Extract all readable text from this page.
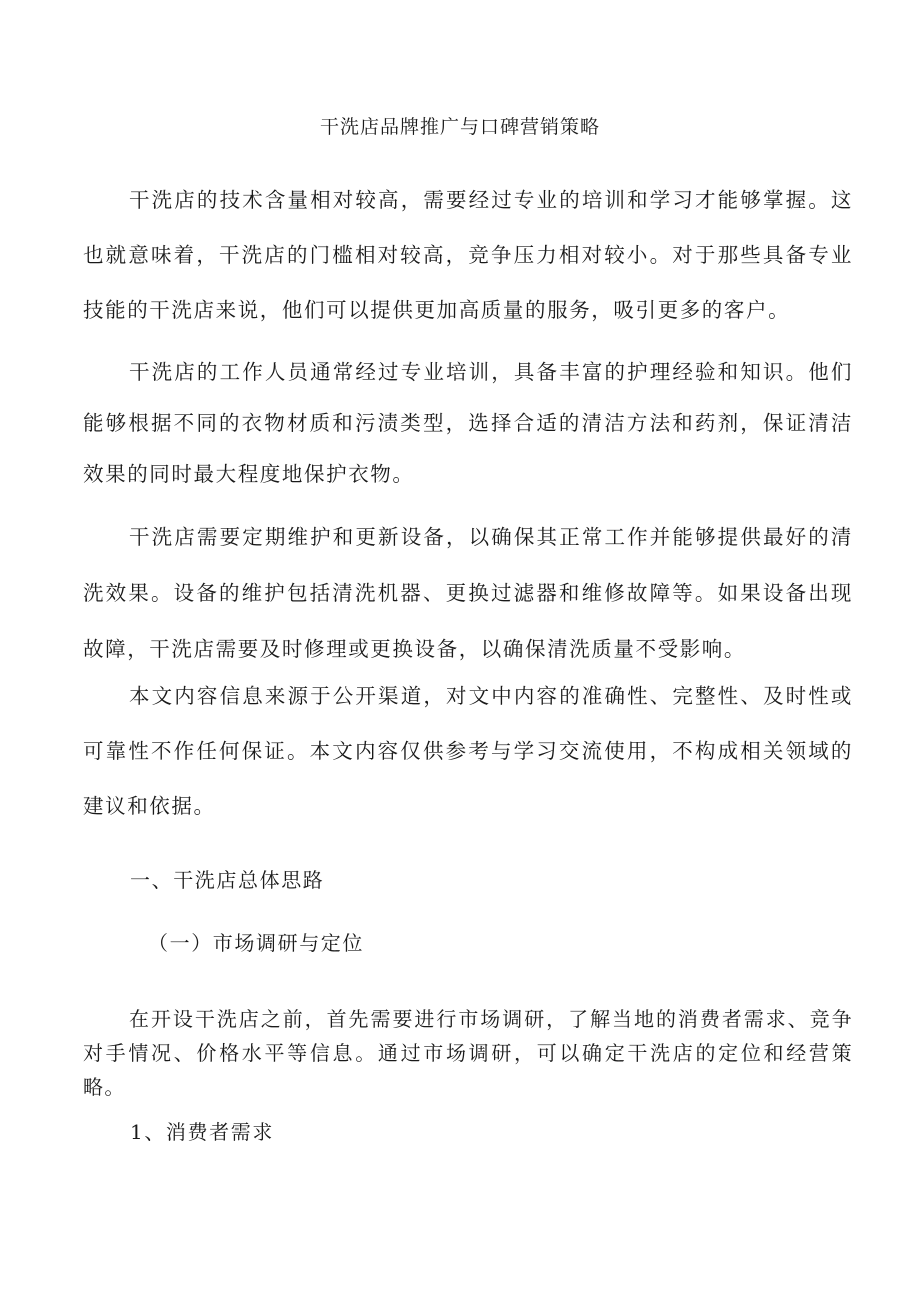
干洗店品牌推广与口碑营销策略

干洗店的技术含量相对较高，需要经过专业的培训和学习才能够掌握。这也就意味着，干洗店的门槛相对较高，竞争压力相对较小。对于那些具备专业技能的干洗店来说，他们可以提供更加高质量的服务，吸引更多的客户。

干洗店的工作人员通常经过专业培训，具备丰富的护理经验和知识。他们能够根据不同的衣物材质和污渍类型，选择合适的清洁方法和药剂，保证清洁效果的同时最大程度地保护衣物。

干洗店需要定期维护和更新设备，以确保其正常工作并能够提供最好的清洗效果。设备的维护包括清洗机器、更换过滤器和维修故障等。如果设备出现故障，干洗店需要及时修理或更换设备，以确保清洗质量不受影响。

本文内容信息来源于公开渠道，对文中内容的准确性、完整性、及时性或可靠性不作任何保证。本文内容仅供参考与学习交流使用，不构成相关领域的建议和依据。

一、干洗店总体思路
（一）市场调研与定位

在开设干洗店之前，首先需要进行市场调研，了解当地的消费者需求、竞争对手情况、价格水平等信息。通过市场调研，可以确定干洗店的定位和经营策略。

1、消费者需求
